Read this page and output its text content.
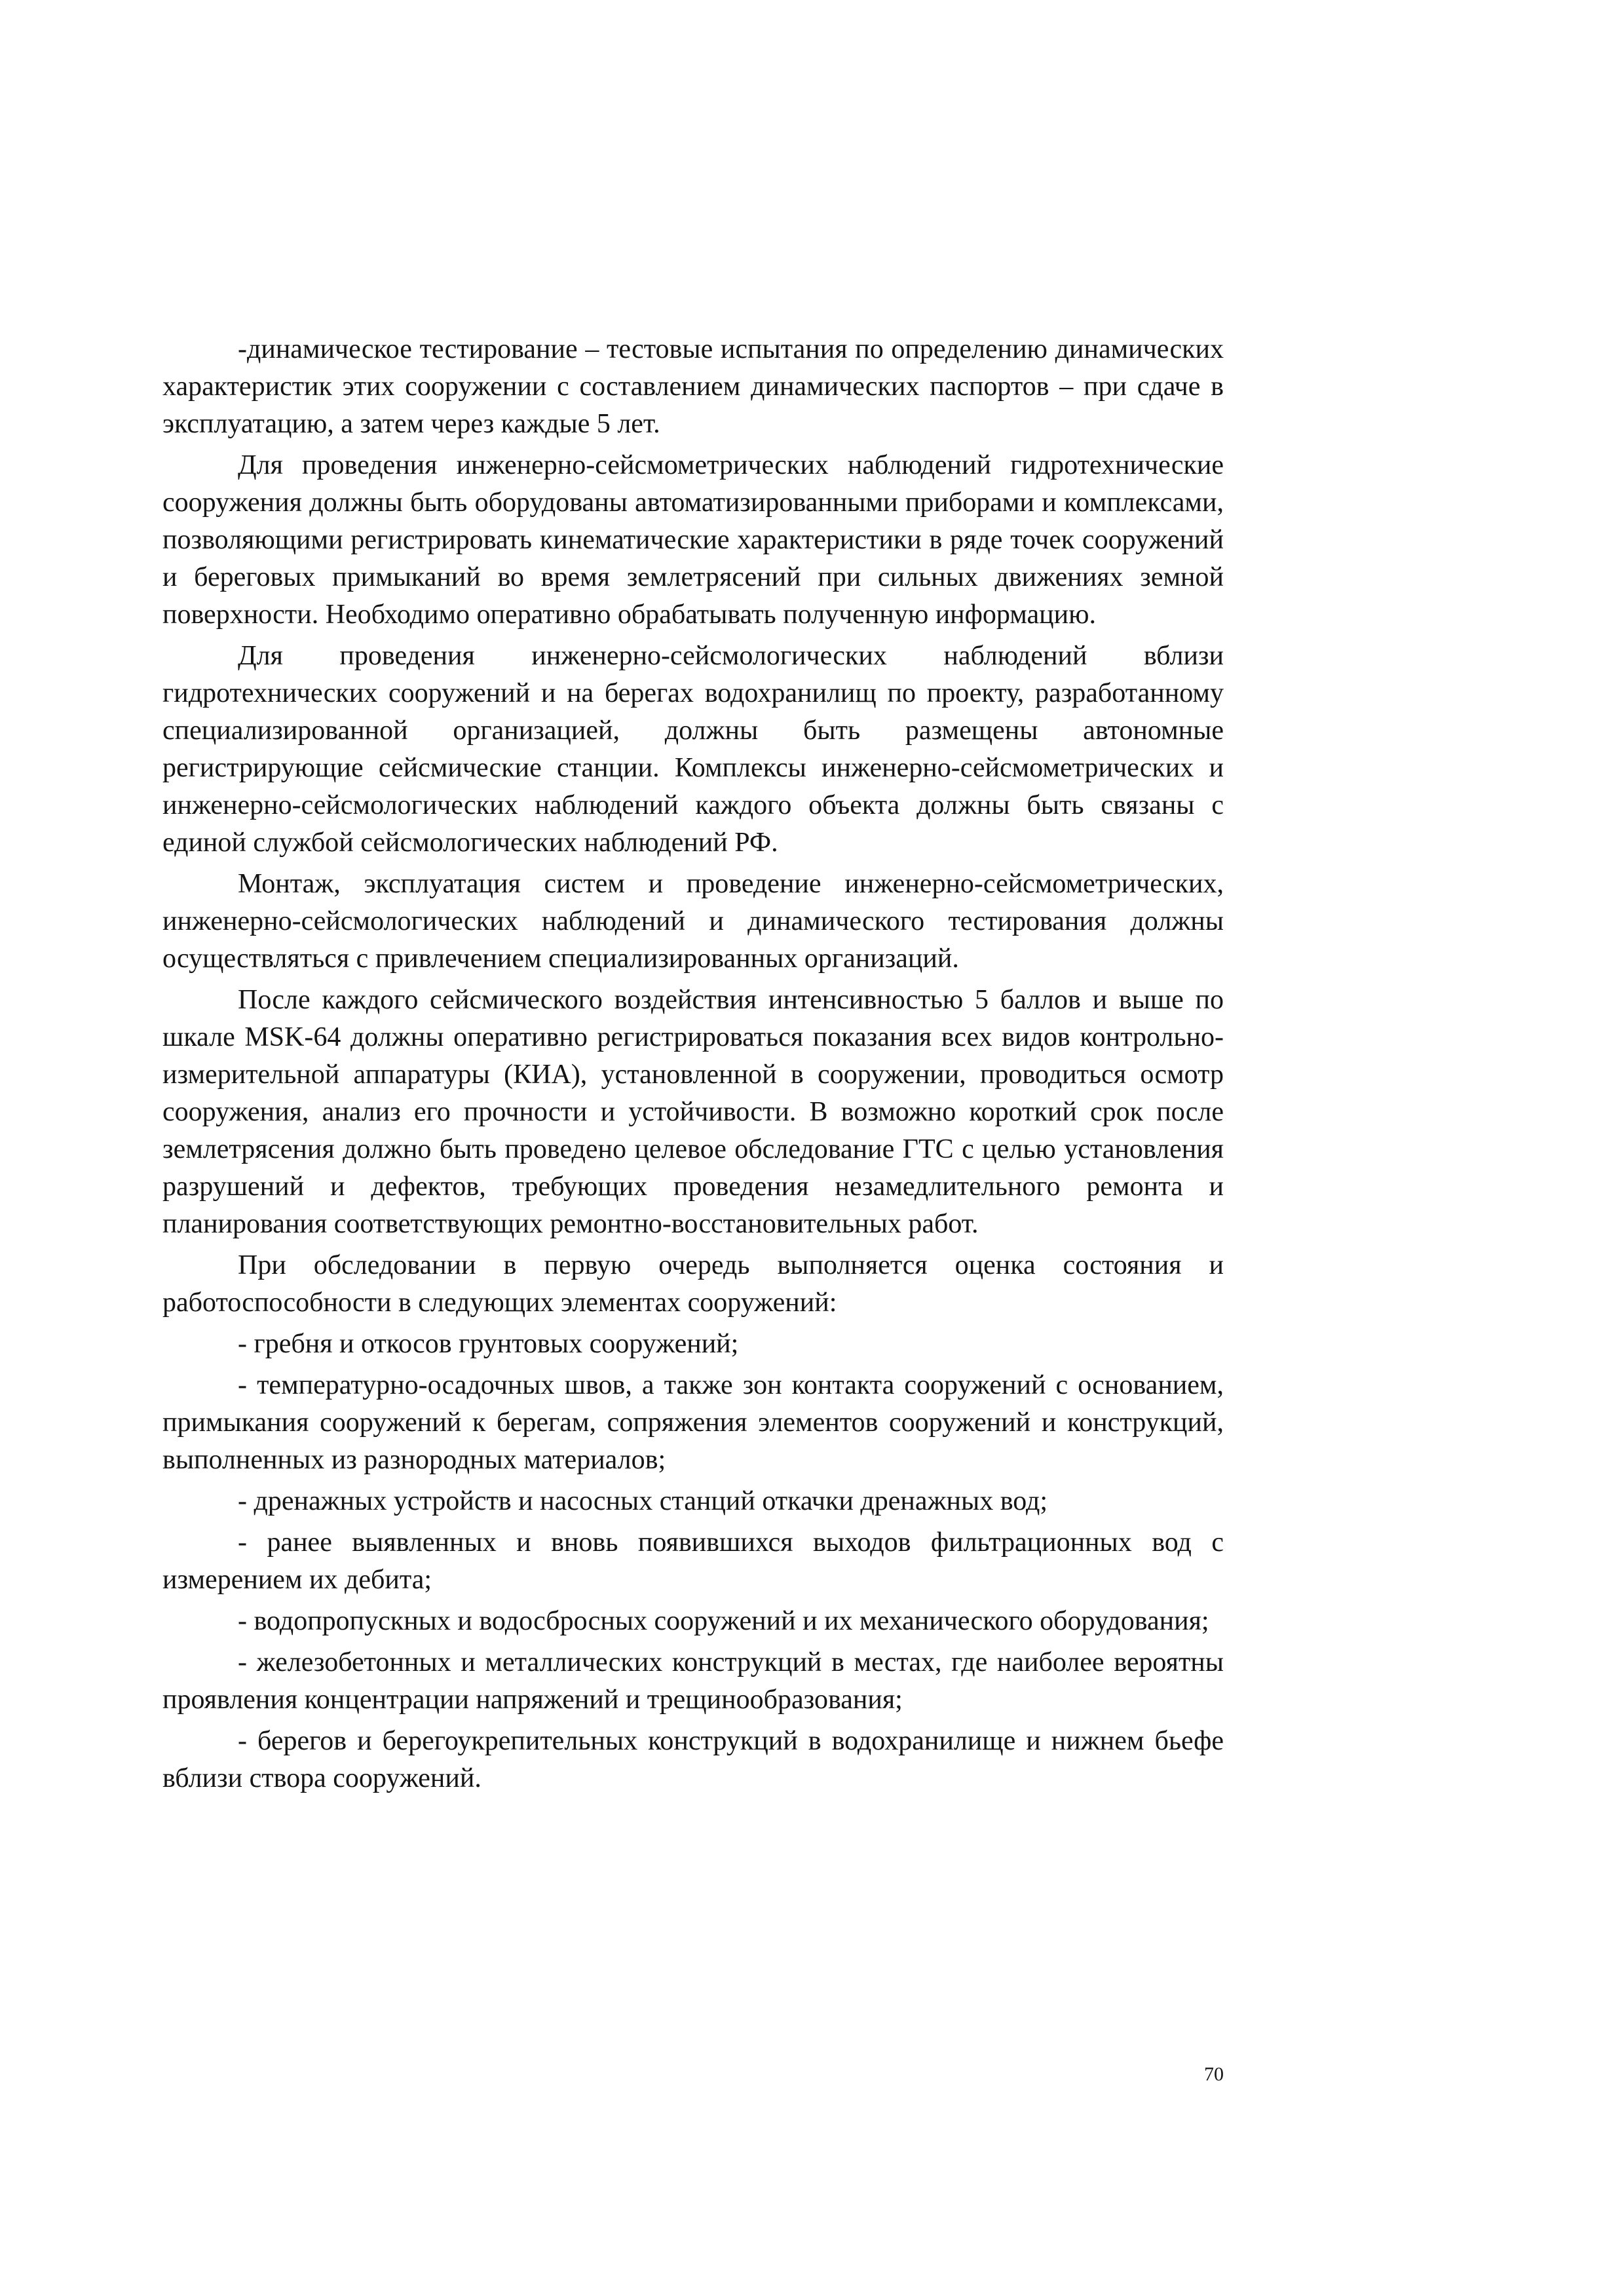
-динамическое тестирование – тестовые испытания по определению динамических характеристик этих сооружении с составлением динамических паспортов – при сдаче в эксплуатацию, а затем через каждые 5 лет.

Для проведения инженерно-сейсмометрических наблюдений гидротехнические сооружения должны быть оборудованы автоматизированными приборами и комплексами, позволяющими регистрировать кинематические характеристики в ряде точек сооружений и береговых примыканий во время землетрясений при сильных движениях земной поверхности. Необходимо оперативно обрабатывать полученную информацию.

Для проведения инженерно-сейсмологических наблюдений вблизи гидротехнических сооружений и на берегах водохранилищ по проекту, разработанному специализированной организацией, должны быть размещены автономные регистрирующие сейсмические станции. Комплексы инженерно-сейсмометрических и инженерно-сейсмологических наблюдений каждого объекта должны быть связаны с единой службой сейсмологических наблюдений РФ.

Монтаж, эксплуатация систем и проведение инженерно-сейсмометрических, инженерно-сейсмологических наблюдений и динамического тестирования должны осуществляться с привлечением специализированных организаций.

После каждого сейсмического воздействия интенсивностью 5 баллов и выше по шкале MSK-64 должны оперативно регистрироваться показания всех видов контрольно-измерительной аппаратуры (КИА), установленной в сооружении, проводиться осмотр сооружения, анализ его прочности и устойчивости. В возможно короткий срок после землетрясения должно быть проведено целевое обследование ГТС с целью установления разрушений и дефектов, требующих проведения незамедлительного ремонта и планирования соответствующих ремонтно-восстановительных работ.

При обследовании в первую очередь выполняется оценка состояния и работоспособности в следующих элементах сооружений:

- гребня и откосов грунтовых сооружений;

- температурно-осадочных швов, а также зон контакта сооружений с основанием, примыкания сооружений к берегам, сопряжения элементов сооружений и конструкций, выполненных из разнородных материалов;

- дренажных устройств и насосных станций откачки дренажных вод;

- ранее выявленных и вновь появившихся выходов фильтрационных вод с измерением их дебита;

- водопропускных и водосбросных сооружений и их механического оборудования;

- железобетонных и металлических конструкций в местах, где наиболее вероятны проявления концентрации напряжений и трещинообразования;

- берегов и берегоукрепительных конструкций в водохранилище и нижнем бьефе вблизи створа сооружений.

70
